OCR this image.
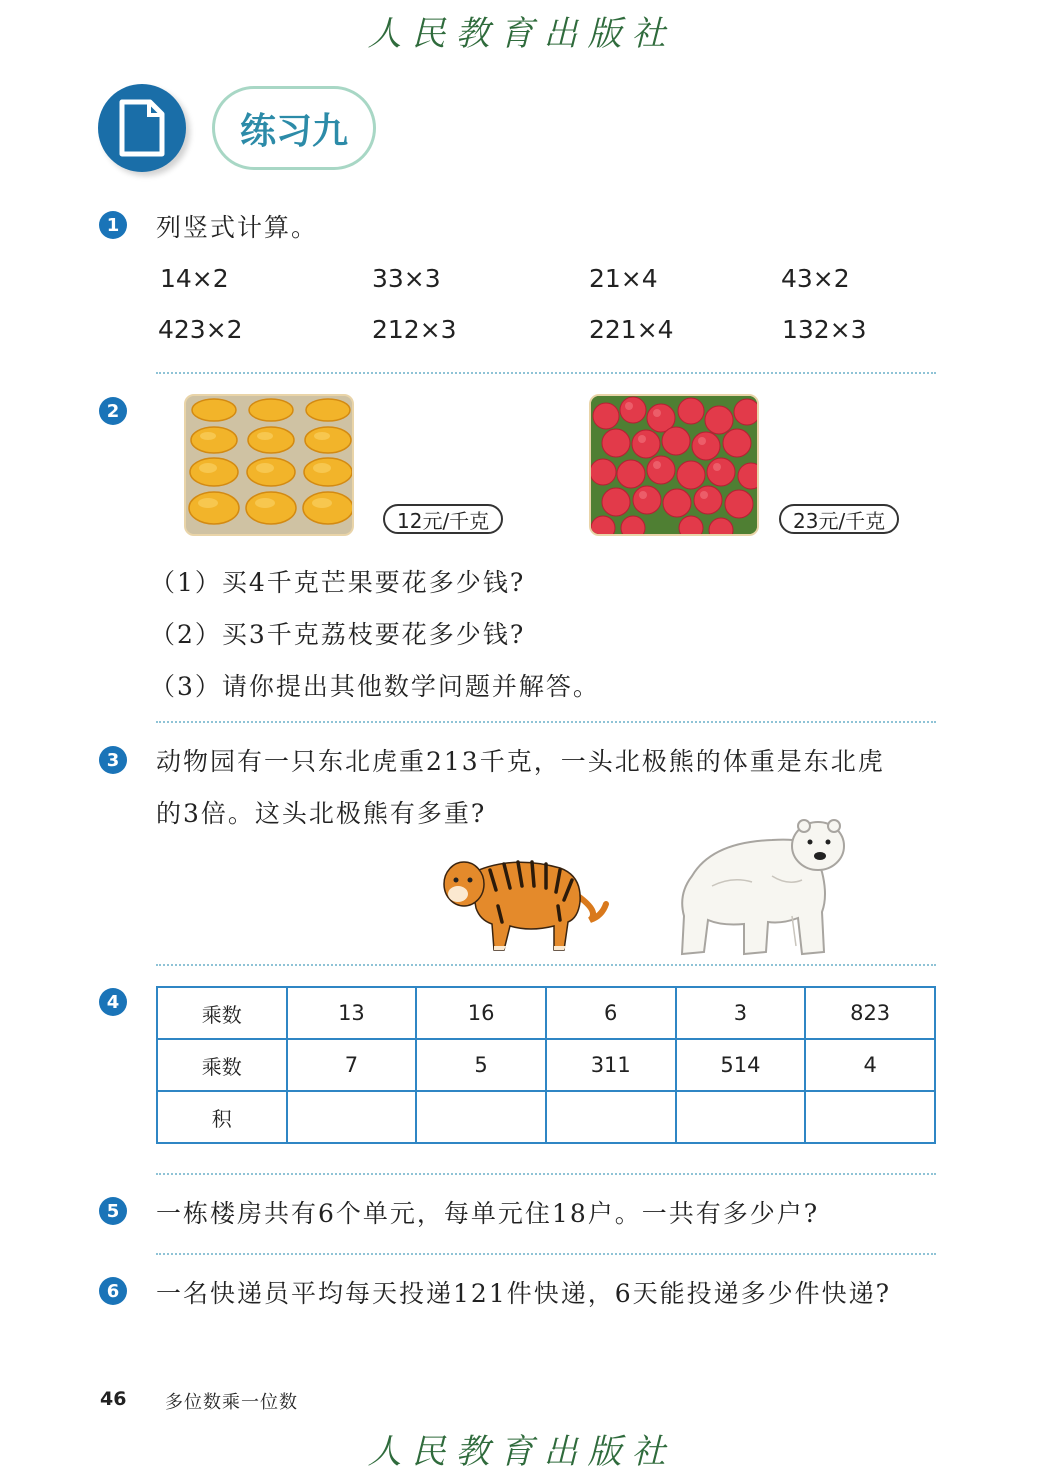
人民教育出版社
练习九
1	列竖式计算。
14×2	33×3	21×4	43×2
423×2	212×3	221×4	132×3
2
12元/千克	23元/千克
（1）买4千克芒果要花多少钱?
（2）买3千克荔枝要花多少钱?
（3）请你提出其他数学问题并解答。
3	动物园有一只东北虎重213千克，一头北极熊的体重是东北虎
的3倍。这头北极熊有多重?
4
乘数	13	16	6	3	823
乘数	7	5	311	514	4
积					
5	一栋楼房共有6个单元，每单元住18户。一共有多少户?
6	一名快递员平均每天投递121件快递，6天能投递多少件快递?
46 多位数乘一位数
人民教育出版社
